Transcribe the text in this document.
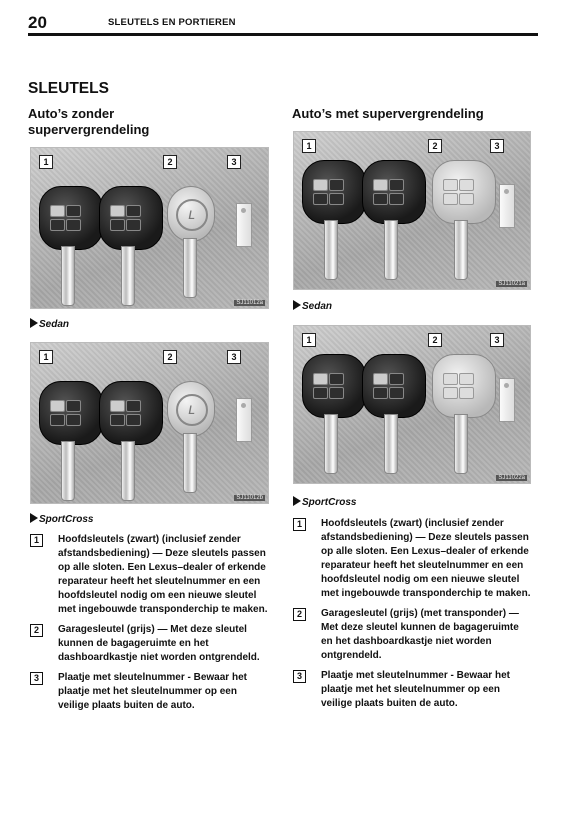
20	SLEUTELS EN PORTIEREN
SLEUTELS
Auto’s zonder supervergrendeling
Auto’s met supervergrendeling
1	2	3
ʟ
SJ11012a
Sedan
1	2	3
ʟ
SJ11012b
SportCross
1	2	3
SJ11021a
Sedan
1	2	3
SJ11022a
SportCross
1	Hoofdsleutels (zwart) (inclusief zender afstandsbediening) — Deze sleutels passen op alle sloten. Een Lexus–dealer of erkende reparateur heeft het sleutelnummer en een hoofdsleutel nodig om een nieuwe sleutel met ingebouwde transponderchip te maken.
2	Garagesleutel (grijs) — Met deze sleutel kunnen de bagageruimte en het dashboardkastje niet worden ontgrendeld.
3	Plaatje met sleutelnummer - Bewaar het plaatje met het sleutelnummer op een veilige plaats buiten de auto.
1	Hoofdsleutels (zwart) (inclusief zender afstandsbediening) — Deze sleutels passen op alle sloten. Een Lexus–dealer of erkende reparateur heeft het sleutelnummer en een hoofdsleutel nodig om een nieuwe sleutel met ingebouwde transponderchip te maken.
2	Garagesleutel (grijs) (met transponder) — Met deze sleutel kunnen de bagageruimte en het dashboardkastje niet worden ontgrendeld.
3	Plaatje met sleutelnummer - Bewaar het plaatje met het sleutelnummer op een veilige plaats buiten de auto.
